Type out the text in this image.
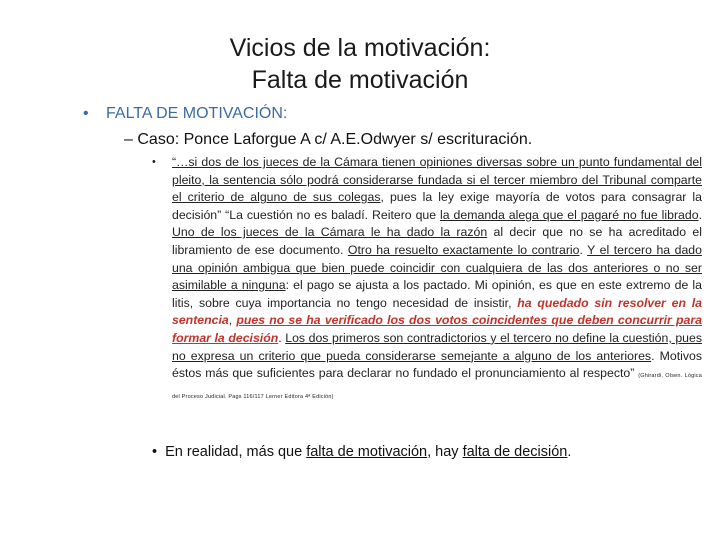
Vicios de la motivación:
Falta de motivación
• FALTA DE MOTIVACIÓN:
– Caso: Ponce Laforgue A c/ A.E.Odwyer s/ escrituración.
• “…si dos de los jueces de la Cámara tienen opiniones diversas sobre un punto fundamental del pleito, la sentencia sólo podrá considerarse fundada si el tercer miembro del Tribunal comparte el criterio de alguno de sus colegas, pues la ley exige mayoría de votos para consagrar la decisión” “La cuestión no es baladí. Reitero que la demanda alega que el pagaré no fue librado. Uno de los jueces de la Cámara le ha dado la razón al decir que no se ha acreditado el libramiento de ese documento. Otro ha resuelto exactamente lo contrario. Y el tercero ha dado una opinión ambigua que bien puede coincidir con cualquiera de las dos anteriores o no ser asimilable a ninguna: el pago se ajusta a los pactado. Mi opinión, es que en este extremo de la litis, sobre cuya importancia no tengo necesidad de insistir, ha quedado sin resolver en la sentencia, pues no se ha verificado los dos votos coincidentes que deben concurrir para formar la decisión. Los dos primeros son contradictorios y el tercero no define la cuestión, pues no expresa un criterio que pueda considerarse semejante a alguno de los anteriores. Motivos éstos más que suficientes para declarar no fundado el pronunciamiento al respecto” (Ghirardi, Olsen. Lógica del Proceso Judicial. Pags 116/117 Lerner Editora 4ª Edición)
•  En realidad, más que falta de motivación, hay falta de decisión.
